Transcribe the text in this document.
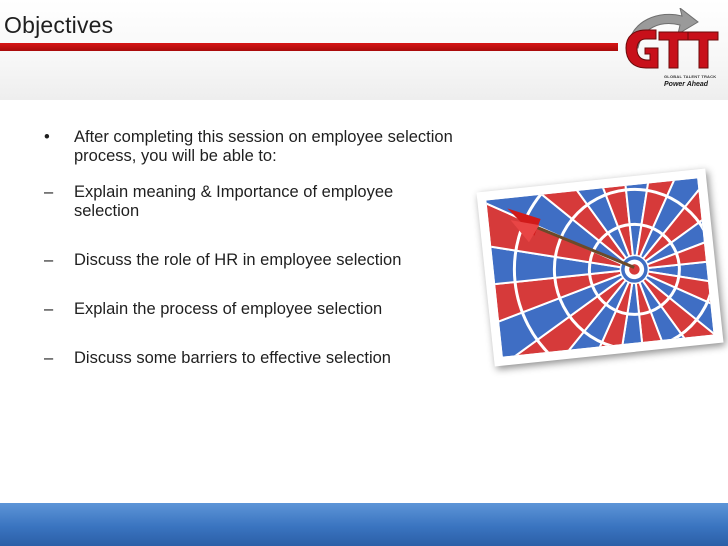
Objectives
GLOBAL TALENT TRACK
Power Ahead
• After completing this session on employee selection process, you will be able to:
– Explain meaning & Importance of employee selection
– Discuss the role of HR in employee selection
– Explain the process of employee selection
– Discuss some barriers to effective selection
